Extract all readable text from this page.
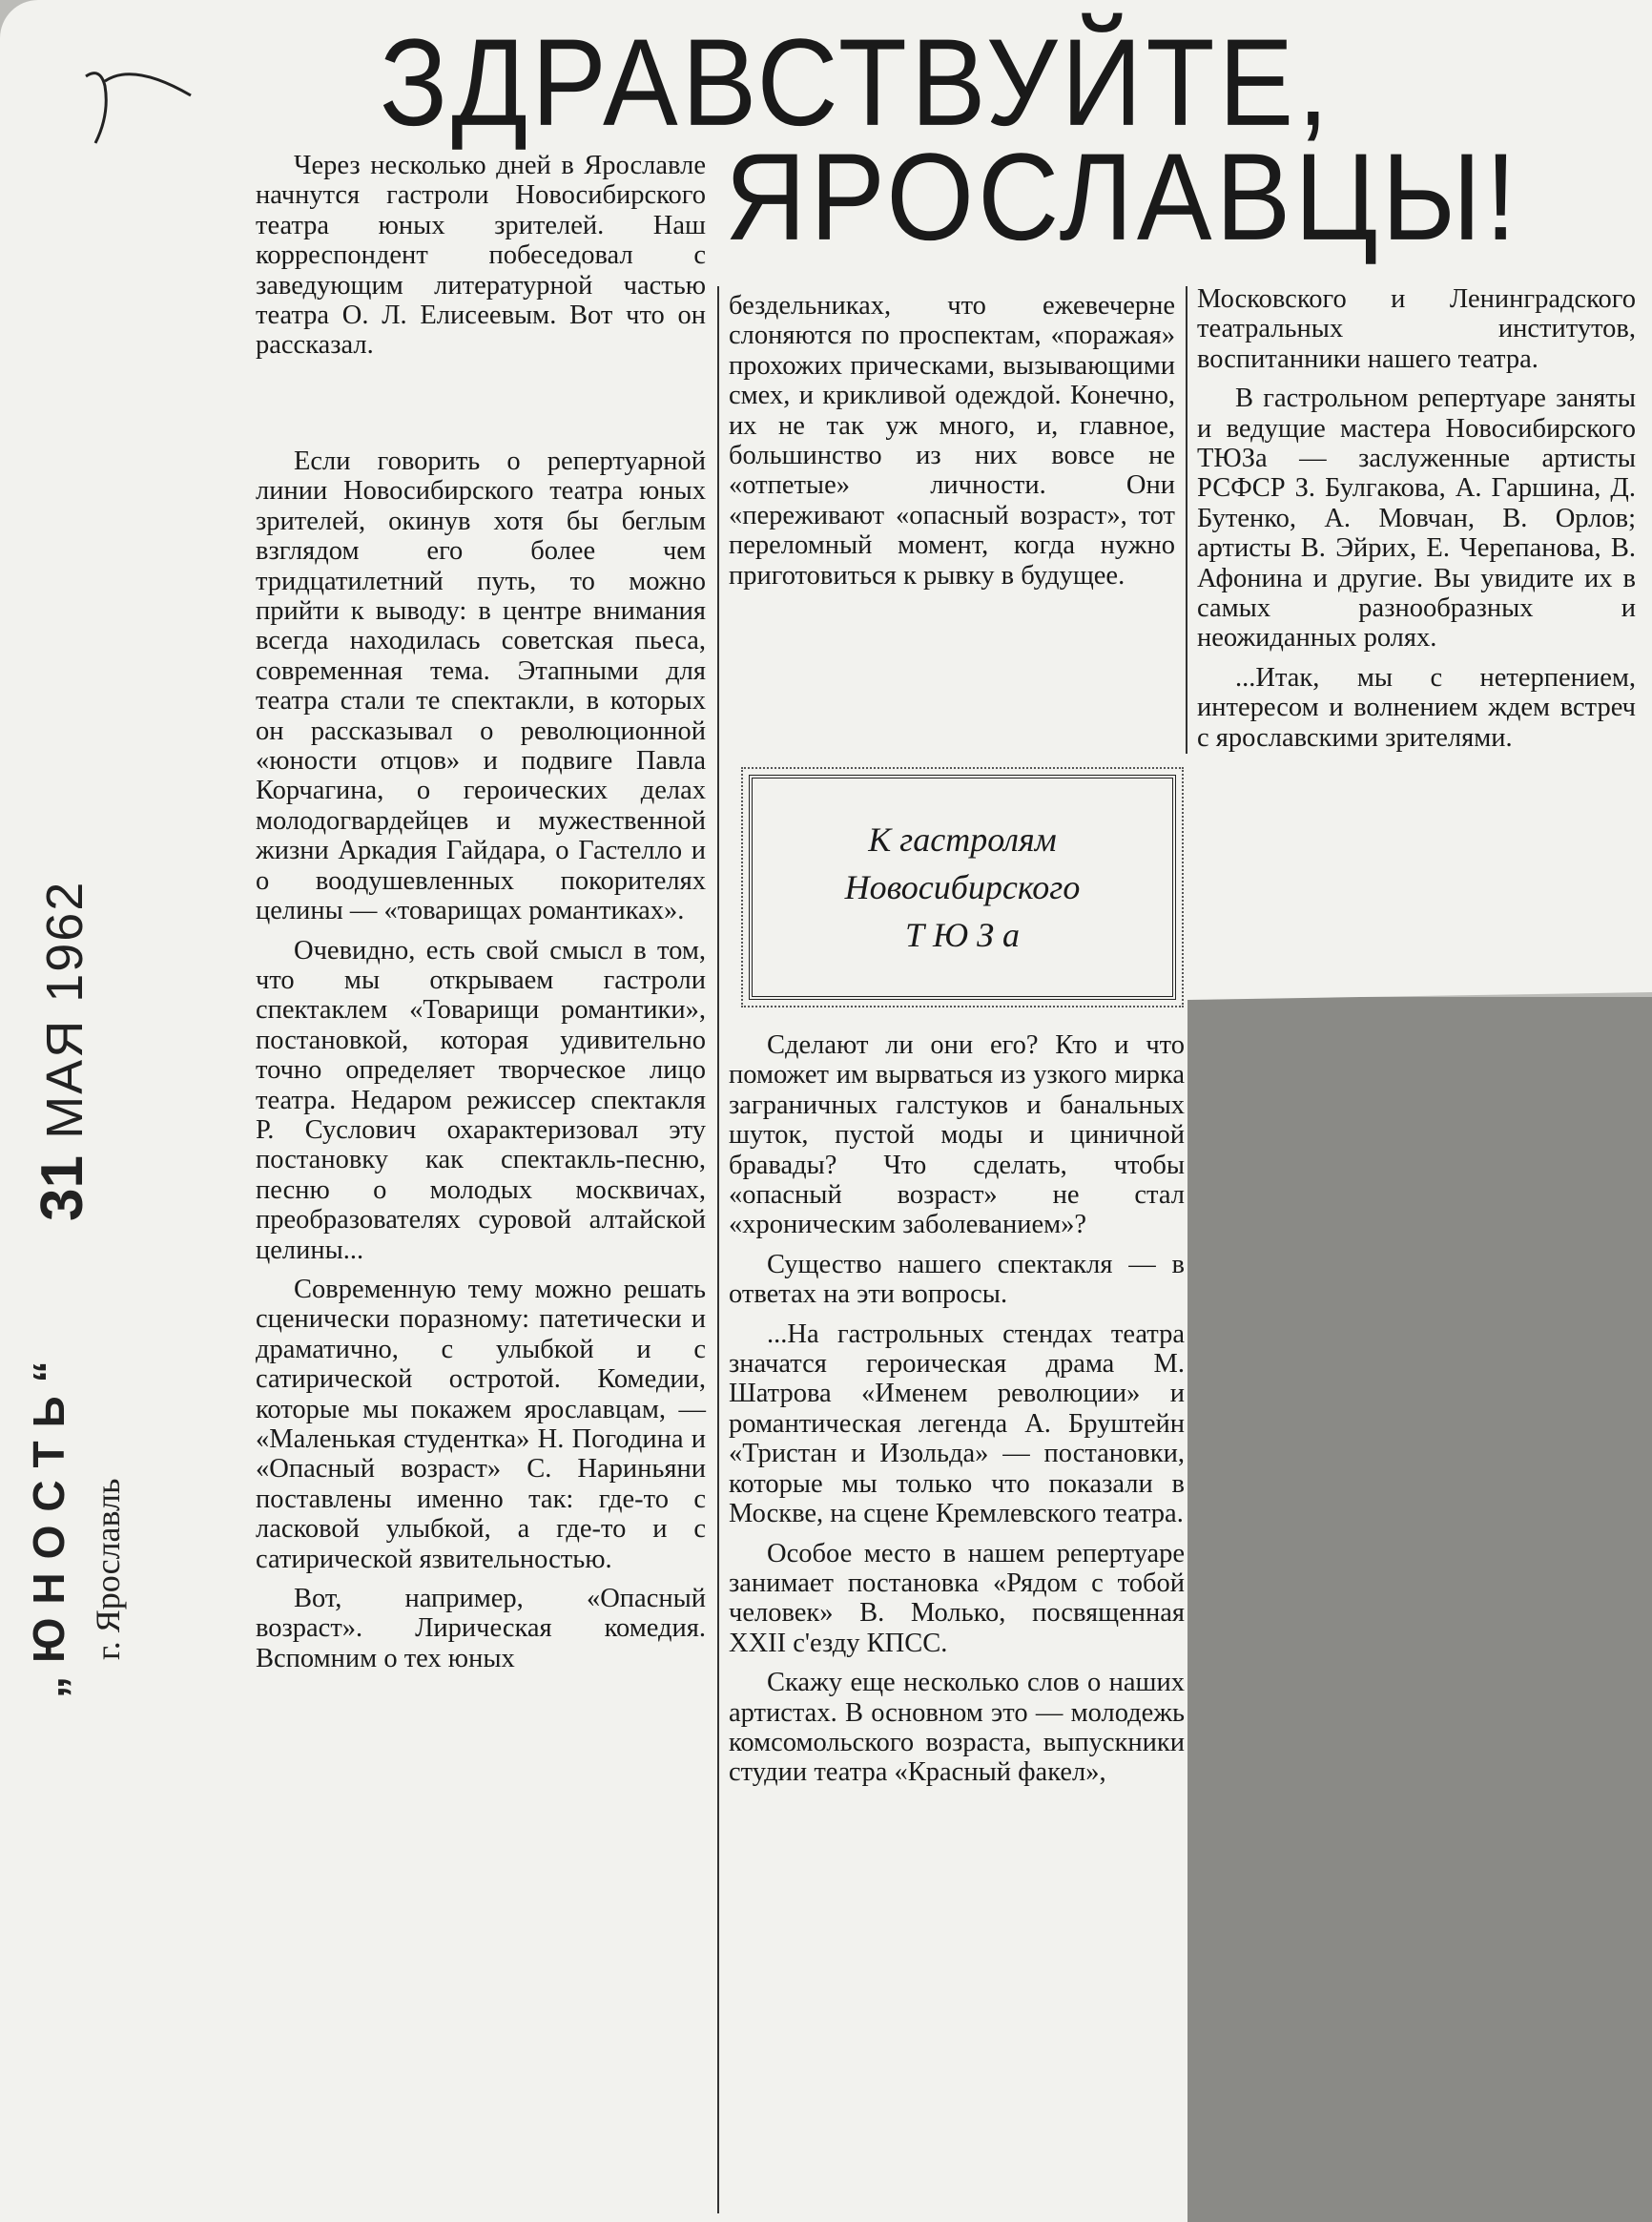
ЗДРАВСТВУЙТЕ,
ЯРОСЛАВЦЫ!
31 МАЯ 1962
„ЮНОСТЬ“ г. Ярославль

Через несколько дней в Ярославле начнутся гастроли Новосибирского театра юных зрителей. Наш корреспондент побеседовал с заведующим литературной частью театра О. Л. Елисеевым. Вот что он рассказал.

Если говорить о репертуарной линии Новосибирского театра юных зрителей, окинув хотя бы беглым взглядом его более чем тридцатилетний путь, то можно прийти к выводу: в центре внимания всегда находилась советская пьеса, современная тема. Этапными для театра стали те спектакли, в которых он рассказывал о революционной «юности отцов» и подвиге Павла Корчагина, о героических делах молодогвардейцев и мужественной жизни Аркадия Гайдара, о Гастелло и о воодушевленных покорителях целины — «товарищах романтиках».

Очевидно, есть свой смысл в том, что мы открываем гастроли спектаклем «Товарищи романтики», постановкой, которая удивительно точно определяет творческое лицо театра. Недаром режиссер спектакля Р. Суслович охарактеризовал эту постановку как спектакль-песню, песню о молодых москвичах, преобразователях суровой алтайской целины...

Современную тему можно решать сценически поразному: патетически и драматично, с улыбкой и с сатирической остротой. Комедии, которые мы покажем ярославцам, — «Маленькая студентка» Н. Погодина и «Опасный возраст» С. Нариньяни поставлены именно так: где-то с ласковой улыбкой, а где-то и с сатирической язвительностью.

Вот, например, «Опасный возраст». Лирическая комедия. Вспомним о тех юных

бездельниках, что ежевечерне слоняются по проспектам, «поражая» прохожих прическами, вызывающими смех, и крикливой одеждой. Конечно, их не так уж много, и, главное, большинство из них вовсе не «отпетые» личности. Они «переживают «опасный возраст», тот переломный момент, когда нужно приготовиться к рывку в будущее.

К гастролям
Новосибирского
Т Ю З а

Сделают ли они его? Кто и что поможет им вырваться из узкого мирка заграничных галстуков и банальных шуток, пустой моды и циничной бравады? Что сделать, чтобы «опасный возраст» не стал «хроническим заболеванием»?

Существо нашего спектакля — в ответах на эти вопросы.

...На гастрольных стендах театра значатся героическая драма М. Шатрова «Именем революции» и романтическая легенда А. Бруштейн «Тристан и Изольда» — постановки, которые мы только что показали в Москве, на сцене Кремлевского театра.

Особое место в нашем репертуаре занимает постановка «Рядом с тобой человек» В. Молько, посвященная XXII с'езду КПСС.

Скажу еще несколько слов о наших артистах. В основном это — молодежь комсомольского возраста, выпускники студии театра «Красный факел»,

Московского и Ленинградского театральных институтов, воспитанники нашего театра.

В гастрольном репертуаре заняты и ведущие мастера Новосибирского ТЮЗа — заслуженные артисты РСФСР З. Булгакова, А. Гаршина, Д. Бутенко, А. Мовчан, В. Орлов; артисты В. Эйрих, Е. Черепанова, В. Афонина и другие. Вы увидите их в самых разнообразных и неожиданных ролях.

...Итак, мы с нетерпением, интересом и волнением ждем встреч с ярославскими зрителями.
